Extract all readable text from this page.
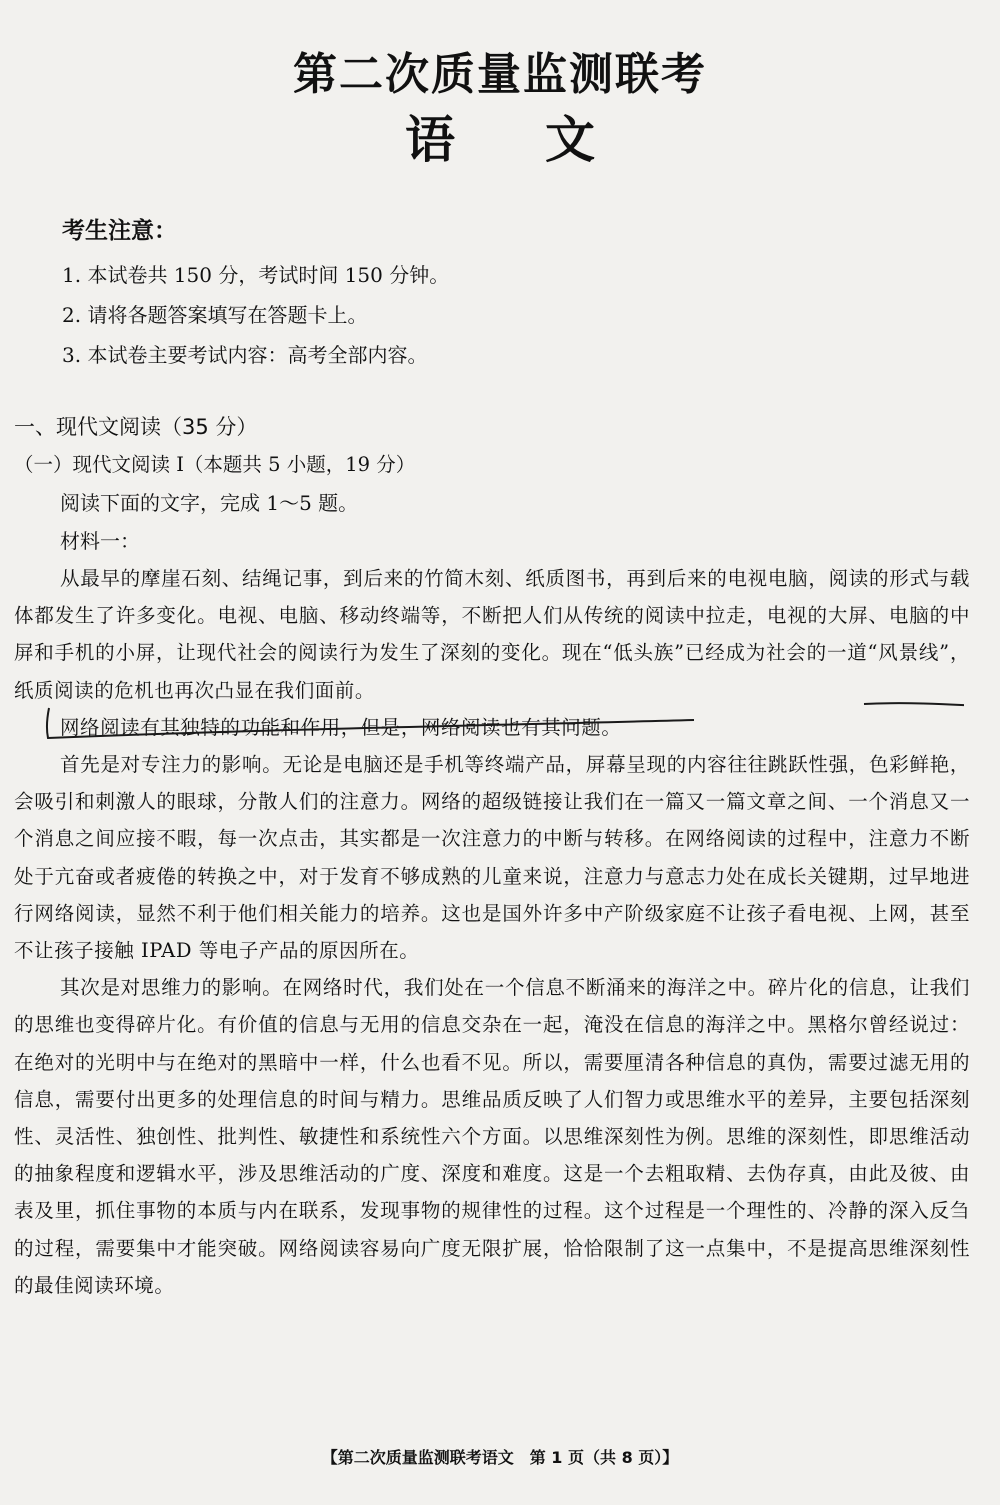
第二次质量监测联考
语文

考生注意：

1. 本试卷共 150 分，考试时间 150 分钟。

2. 请将各题答案填写在答题卡上。

3. 本试卷主要考试内容：高考全部内容。

一、现代文阅读（35 分）

（一）现代文阅读 I（本题共 5 小题，19 分）

阅读下面的文字，完成 1～5 题。

材料一：

从最早的摩崖石刻、结绳记事，到后来的竹简木刻、纸质图书，再到后来的电视电脑，阅读的形式与载体都发生了许多变化。电视、电脑、移动终端等，不断把人们从传统的阅读中拉走，电视的大屏、电脑的中屏和手机的小屏，让现代社会的阅读行为发生了深刻的变化。现在“低头族”已经成为社会的一道“风景线”，纸质阅读的危机也再次凸显在我们面前。

网络阅读有其独特的功能和作用，但是，网络阅读也有其问题。

首先是对专注力的影响。无论是电脑还是手机等终端产品，屏幕呈现的内容往往跳跃性强，色彩鲜艳，会吸引和刺激人的眼球，分散人们的注意力。网络的超级链接让我们在一篇又一篇文章之间、一个消息又一个消息之间应接不暇，每一次点击，其实都是一次注意力的中断与转移。在网络阅读的过程中，注意力不断处于亢奋或者疲倦的转换之中，对于发育不够成熟的儿童来说，注意力与意志力处在成长关键期，过早地进行网络阅读，显然不利于他们相关能力的培养。这也是国外许多中产阶级家庭不让孩子看电视、上网，甚至不让孩子接触 IPAD 等电子产品的原因所在。

其次是对思维力的影响。在网络时代，我们处在一个信息不断涌来的海洋之中。碎片化的信息，让我们的思维也变得碎片化。有价值的信息与无用的信息交杂在一起，淹没在信息的海洋之中。黑格尔曾经说过：在绝对的光明中与在绝对的黑暗中一样，什么也看不见。所以，需要厘清各种信息的真伪，需要过滤无用的信息，需要付出更多的处理信息的时间与精力。思维品质反映了人们智力或思维水平的差异，主要包括深刻性、灵活性、独创性、批判性、敏捷性和系统性六个方面。以思维深刻性为例。思维的深刻性，即思维活动的抽象程度和逻辑水平，涉及思维活动的广度、深度和难度。这是一个去粗取精、去伪存真，由此及彼、由表及里，抓住事物的本质与内在联系，发现事物的规律性的过程。这个过程是一个理性的、冷静的深入反刍的过程，需要集中才能突破。网络阅读容易向广度无限扩展，恰恰限制了这一点集中，不是提高思维深刻性的最佳阅读环境。

【第二次质量监测联考语文　第 1 页（共 8 页）】
